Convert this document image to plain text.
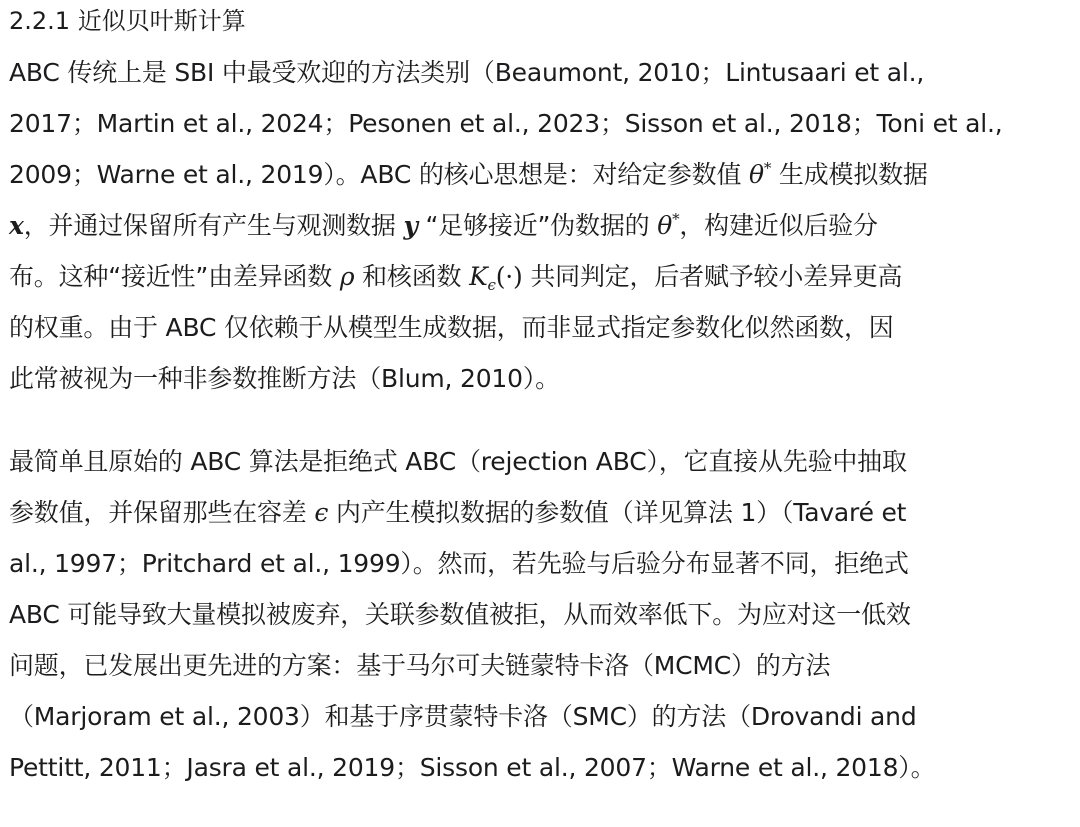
2.2.1 近似贝叶斯计算
ABC 传统上是 SBI 中最受欢迎的方法类别（Beaumont, 2010；Lintusaari et al.,
2017；Martin et al., 2024；Pesonen et al., 2023；Sisson et al., 2018；Toni et al.,
2009；Warne et al., 2019）。ABC 的核心思想是：对给定参数值 θ* 生成模拟数据
x，并通过保留所有产生与观测数据 y “足够接近”伪数据的 θ*，构建近似后验分
布。这种“接近性”由差异函数 ρ 和核函数 $K_\epsilon(\cdot)$ 共同判定，后者赋予较小差异更高
的权重。由于 ABC 仅依赖于从模型生成数据，而非显式指定参数化似然函数，因
此常被视为一种非参数推断方法（Blum, 2010）。
最简单且原始的 ABC 算法是拒绝式 ABC（rejection ABC），它直接从先验中抽取
参数值，并保留那些在容差 ϵ 内产生模拟数据的参数值（详见算法 1）（Tavaré et
al., 1997；Pritchard et al., 1999）。然而，若先验与后验分布显著不同，拒绝式
ABC 可能导致大量模拟被废弃，关联参数值被拒，从而效率低下。为应对这一低效
问题，已发展出更先进的方案：基于马尔可夫链蒙特卡洛（MCMC）的方法
（Marjoram et al., 2003）和基于序贯蒙特卡洛（SMC）的方法（Drovandi and
Pettitt, 2011；Jasra et al., 2019；Sisson et al., 2007；Warne et al., 2018）。
